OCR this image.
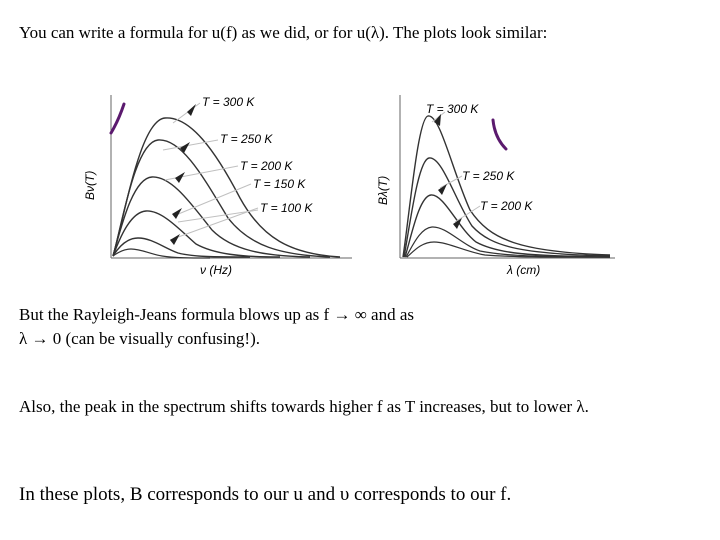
You can write a formula for u(f) as we did, or for u(λ). The plots look similar:

T = 300 K
T = 250 K
T = 200 K
T = 150 K
T = 100 K
Bν(T)
ν (Hz)
T = 300 K
T = 250 K
T = 200 K
Bλ(T)
λ (cm)

But the Rayleigh-Jeans formula blows up as f → ∞ and as

λ → 0 (can be visually confusing!).

Also, the peak in the spectrum shifts towards higher f as T increases, but to lower λ.

In these plots, B corresponds to our u and υ corresponds to our f.
